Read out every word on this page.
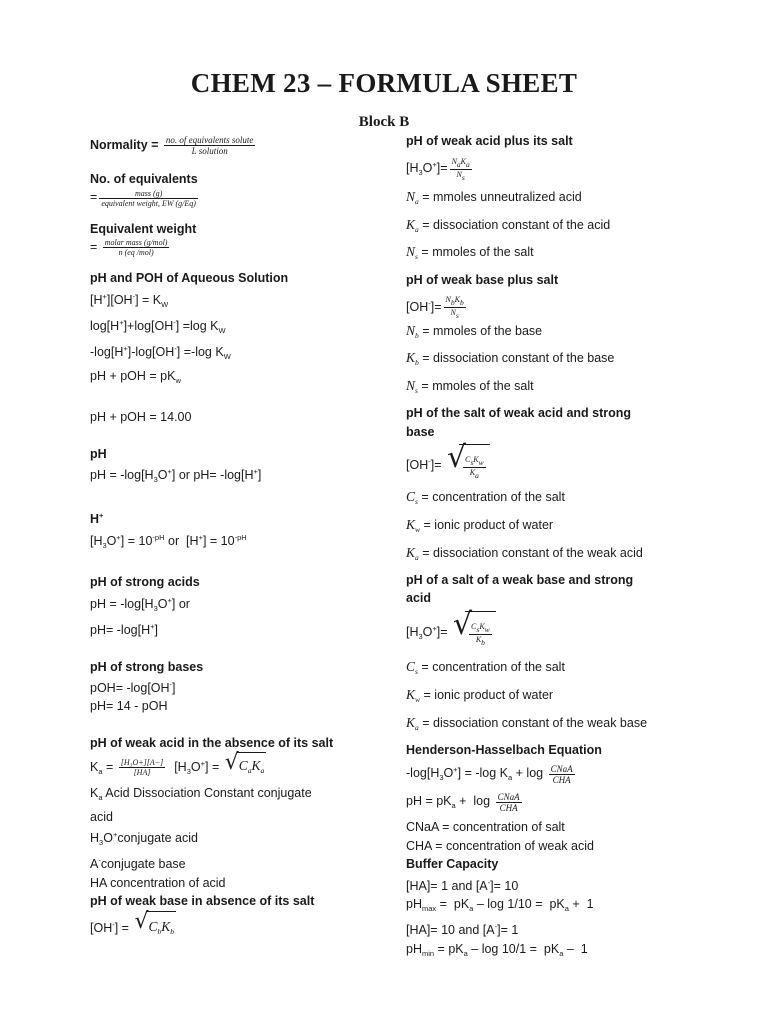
CHEM 23 – FORMULA SHEET
Block B
Normality = $\frac{\text{no. of equivalents solute}}{\text{L solution}}$
No. of equivalents
= $\frac{\text{mass (g)}}{\text{equivalent weight, EW (g/Eq)}}$
Equivalent weight
= $\frac{\text{molar mass (g/mol)}}{\text{n (eq /mol)}}$
pH and POH of Aqueous Solution
$[H^+][OH^-] = K_W$
log[H+]+log[OH-] =log $K_W$
-log[H+]-log[OH-] =-log $K_W$
pH + pOH = $pK_w$
pH + pOH = 14.00
pH
pH = $-\log[H_3O^+]$ or pH= -log[H+]
H+
$[H_3O^+] = 10^{-pH}$ or  $[H^+] = 10^{-pH}$
pH of strong acids
pH = $-\log[H_3O^+]$ or
pH= -log[H+]
pH of strong bases
pOH= -log[OH-]
pH= 14 - pOH
pH of weak acid in the absence of its salt
$K_a = \frac{\text{[H₃O+][A−]}}{[HA]} [H_3O^+]$ = √ $C_aK_a$
$K_a$ Acid Dissociation Constant conjugate
acid
$H_3O^+conjugate$ acid
A-conjugate base
HA concentration of acid
pH of weak base in absence of its salt
[OH-] = √ $C_bK_b$
pH of weak acid plus its salt
$[H_3O^+]= \frac{N_aK_a}{N_s}$
$N_a$ = mmoles unneutralized acid
$K_a$ = dissociation constant of the acid
$N_s$ = mmoles of the salt
pH of weak base plus salt
$[OH^-]= \frac{N_bK_b}{N_s}$
$N_b$ = mmoles of the base
$K_b$ = dissociation constant of the base
$N_s$ = mmoles of the salt
pH of the salt of weak acid and strong
base
[OH-]= √
$\frac{C_sK_w}{K_a}$
$C_s$ = concentration of the salt
$K_w$ = ionic product of water
$K_a$ = dissociation constant of the weak acid
pH of a salt of a weak base and strong
acid
$[H_3O^+]=$ √
$\frac{C_sK_w}{K_b}$
$C_s$ = concentration of the salt
$K_w$ = ionic product of water
$K_a$ = dissociation constant of the weak base
Henderson-Hasselbach Equation
$-\log[H_3O^+] = -\log$ $K_a + \log \frac{\text{CNaA}}{\text{CHA}}$
pH = $pK_a + \log \frac{\text{CNaA}}{\text{CHA}}$
CNaA = concentration of salt
CHA = concentration of weak acid
Buffer Capacity
[HA]= 1 and [A-]= 10
$pH_{max} = pK_a - \log 1/10 = pK_a + 1$
[HA]= 10 and [A-]= 1
$pH_{min} = pK_a - \log 10/1 = pK_a - 1$
